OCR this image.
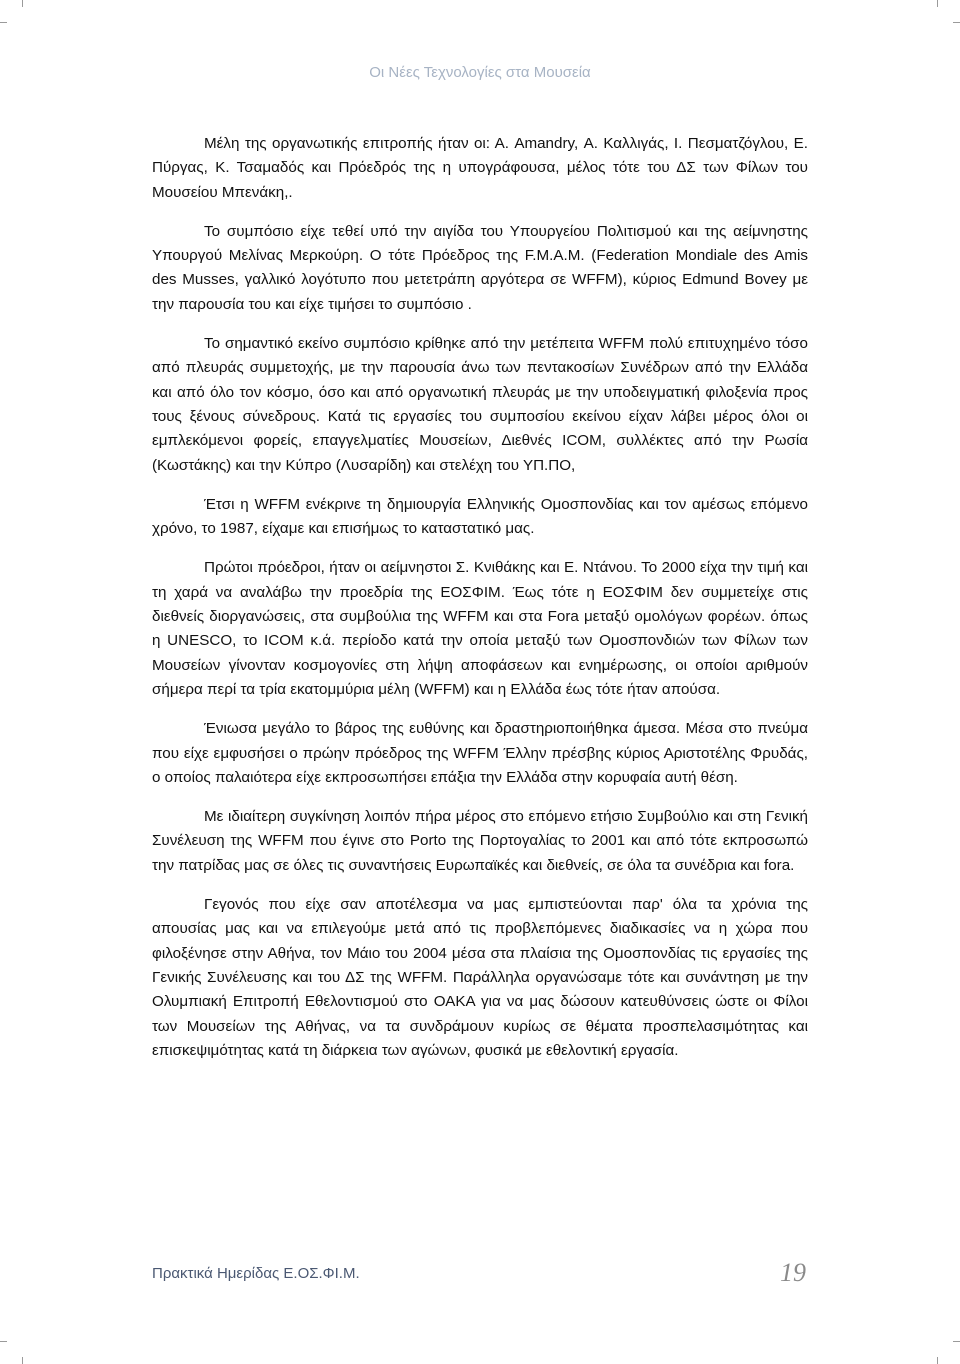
Οι Νέες Τεχνολογίες στα Μουσεία

Μέλη της οργανωτικής επιτροπής ήταν οι: Α. Amandry, Α. Καλλιγάς, Ι. Πεσματζόγλου, Ε. Πύργας, Κ. Τσαμαδός και Πρόεδρός της η υπογράφουσα, μέλος τότε του ΔΣ των Φίλων του Μουσείου Μπενάκη,.

Το συμπόσιο είχε τεθεί υπό την αιγίδα του Υπουργείου Πολιτισμού και της αείμνηστης Υπουργού Μελίνας Μερκούρη. Ο τότε Πρόεδρος της F.M.A.M. (Federation Mondiale des Amis des Musses, γαλλικό λογότυπο που μετετράπη αργότερα σε WFFM), κύριος Edmund Bovey με την παρουσία του και είχε τιμήσει το συμπόσιο .

Το σημαντικό εκείνο συμπόσιο κρίθηκε από την μετέπειτα WFFM πολύ επιτυχημένο τόσο από πλευράς συμμετοχής, με την παρουσία άνω των πεντακοσίων Συνέδρων από την Ελλάδα και από όλο τον κόσμο, όσο και από οργανωτική πλευράς με την υποδειγματική φιλοξενία προς τους ξένους σύνεδρους. Κατά τις εργασίες του συμποσίου εκείνου είχαν λάβει μέρος όλοι οι εμπλεκόμενοι φορείς, επαγγελματίες Μουσείων, Διεθνές ICOM, συλλέκτες από την Ρωσία (Κωστάκης) και την Κύπρο (Λυσαρίδη) και στελέχη του ΥΠ.ΠΟ,

Έτσι η WFFM ενέκρινε τη δημιουργία Ελληνικής Ομοσπονδίας και τον αμέσως επόμενο χρόνο, το 1987, είχαμε και επισήμως το καταστατικό μας.

Πρώτοι πρόεδροι, ήταν οι αείμνηστοι Σ. Κνιθάκης και Ε. Ντάνου. Το 2000 είχα την τιμή και τη χαρά να αναλάβω την προεδρία της ΕΟΣΦΙΜ. Έως τότε η ΕΟΣΦΙΜ δεν συμμετείχε στις διεθνείς διοργανώσεις, στα συμβούλια της WFFM και στα Fora μεταξύ ομολόγων φορέων. όπως η UNESCO, το ICOM κ.ά. περίοδο κατά την οποία μεταξύ των Ομοσπονδιών των Φίλων των Μουσείων γίνονταν κοσμογονίες στη λήψη αποφάσεων και ενημέρωσης, οι οποίοι αριθμούν σήμερα περί τα τρία εκατομμύρια μέλη (WFFM) και η Ελλάδα έως τότε ήταν απούσα.

Ένιωσα μεγάλο το βάρος της ευθύνης και δραστηριοποιήθηκα άμεσα. Μέσα στο πνεύμα που είχε εμφυσήσει ο πρώην πρόεδρος της WFFM Έλλην πρέσβης κύριος Αριστοτέλης Φρυδάς, ο οποίος παλαιότερα είχε εκπροσωπήσει επάξια την Ελλάδα στην κορυφαία αυτή θέση.

Με ιδιαίτερη συγκίνηση λοιπόν πήρα μέρος στο επόμενο ετήσιο Συμβούλιο και στη Γενική Συνέλευση της WFFM που έγινε στο Porto της Πορτογαλίας το 2001 και από τότε εκπροσωπώ την πατρίδας μας σε όλες τις συναντήσεις Ευρωπαϊκές και διεθνείς, σε όλα τα συνέδρια και fora.

Γεγονός που είχε σαν αποτέλεσμα να μας εμπιστεύονται παρ' όλα τα χρόνια της απουσίας μας και να επιλεγούμε μετά από τις προβλεπόμενες διαδικασίες να η χώρα που φιλοξένησε στην Αθήνα, τον Μάιο του 2004 μέσα στα πλαίσια της Ομοσπονδίας τις εργασίες της Γενικής Συνέλευσης και του ΔΣ της WFFM. Παράλληλα οργανώσαμε τότε και συνάντηση με την Ολυμπιακή Επιτροπή Εθελοντισμού στο ΟΑΚΑ για να μας δώσουν κατευθύνσεις ώστε οι Φίλοι των Μουσείων της Αθήνας, να τα συνδράμουν κυρίως σε θέματα προσπελασιμότητας και επισκεψιμότητας κατά τη διάρκεια των αγώνων, φυσικά με εθελοντική εργασία.

Πρακτικά Ημερίδας Ε.ΟΣ.ΦΙ.Μ.	19
